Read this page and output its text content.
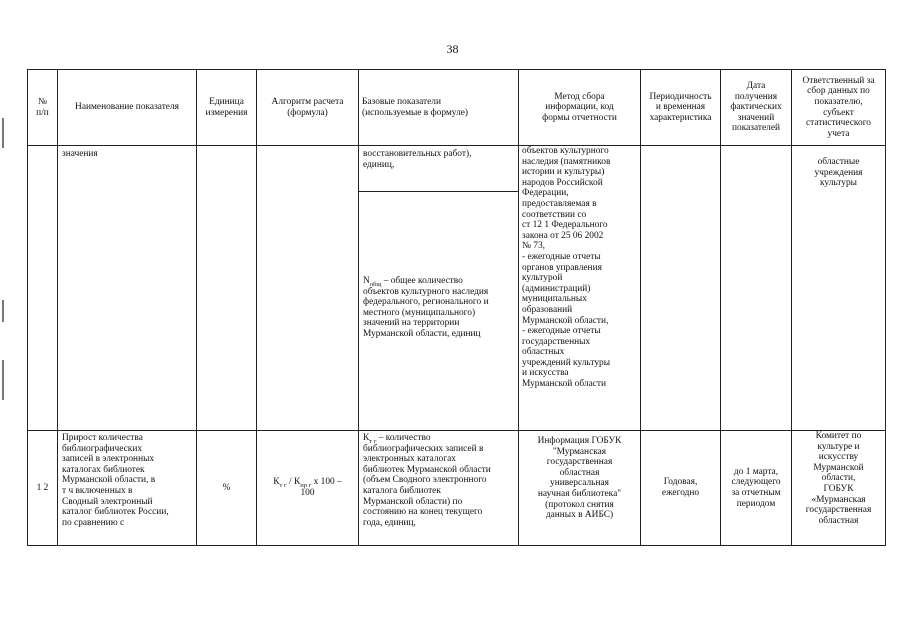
38
№
п/п
Наименование показателя
Единица
измерения
Алгоритм расчета
(формула)
Базовые показатели
(используемые в формуле)
Метод сбора
информации, код
формы отчетности
Периодичность
и временная
характеристика
Дата
получения
фактических
значений
показателей
Ответственный за
сбор данных по
показателю,
субъект
статистического
учета
значения	восстановительных работ),
единиц,
$N_{общ}$ – общее количество
объектов культурного наследия
федерального, регионального и
местного (муниципального)
значений на территории
Мурманской области, единиц
объектов культурного
наследия (памятников
истории и культуры)
народов Российской
Федерации,
предоставляемая в
соответствии со
ст 12 1 Федерального
закона от 25 06 2002
№ 73,
- ежегодные отчеты
органов управления
культурой
(администраций)
муниципальных
образований
Мурманской области,
- ежегодные отчеты
государственных
областных
учреждений культуры
и искусства
Мурманской области
областные
учреждения
культуры
1 2
Прирост количества
библиографических
записей в электронных
каталогах библиотек
Мурманской области, в
т ч включенных в
Сводный электронный
каталог библиотек России,
по сравнению с
%
$К_{т г} / К_{пр г}$ х 100 –
100
$К_{т г}$ – количество
библиографических записей в
электронных каталогах
библиотек Мурманской области
(объем Сводного электронного
каталога библиотек
Мурманской области) по
состоянию на конец текущего
года, единиц,
Информация ГОБУК
"Мурманская
государственная
областная
универсальная
научная библиотека"
(протокол снятия
данных в АИБС)
Годовая,
ежегодно
до 1 марта,
следующего
за отчетным
периодом
Комитет по
культуре и
искусству
Мурманской
области,
ГОБУК
«Мурманская
государственная
областная
